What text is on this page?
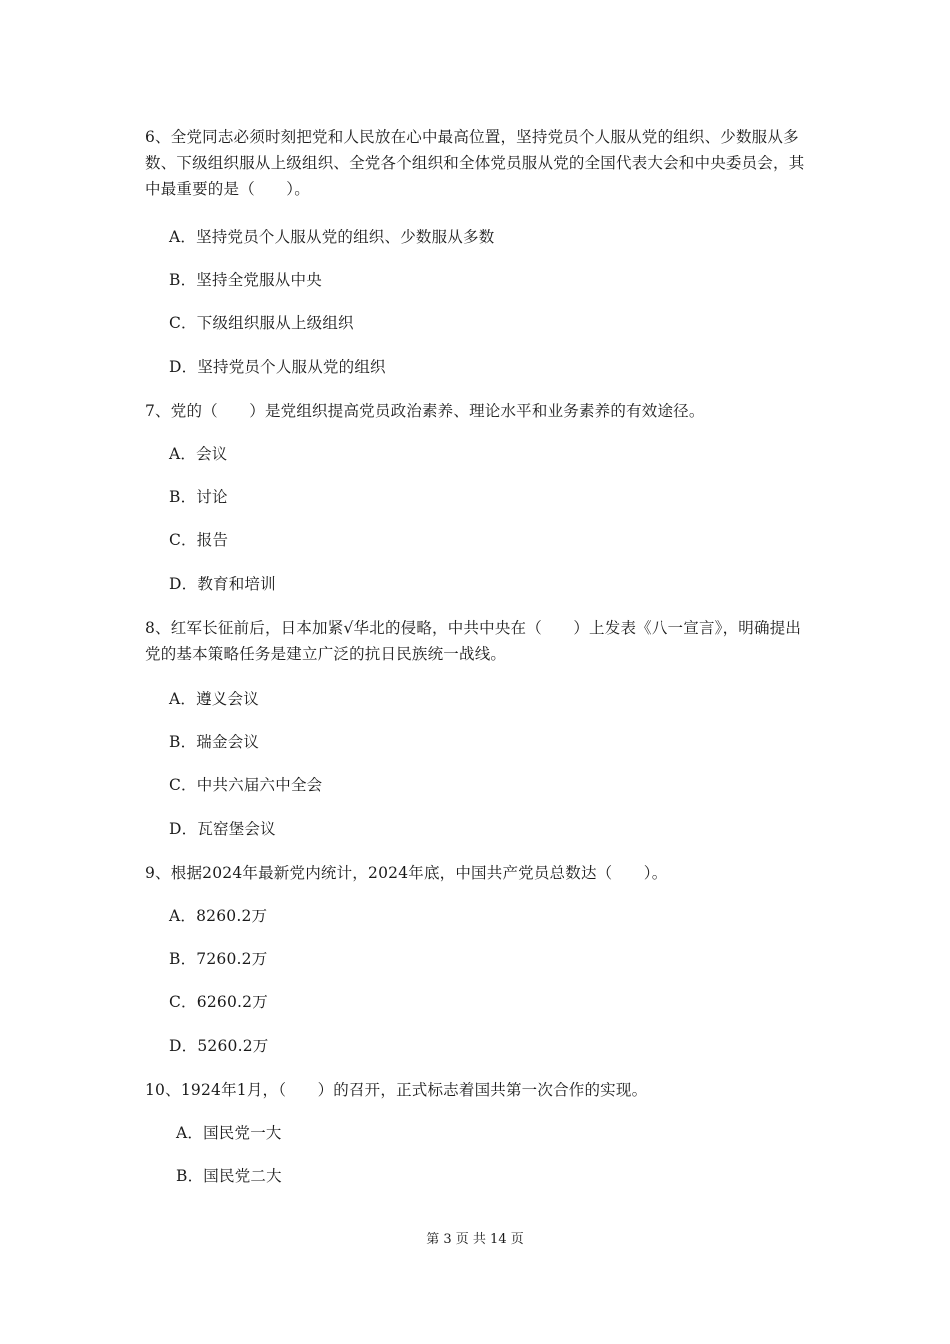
6、全党同志必须时刻把党和人民放在心中最高位置，坚持党员个人服从党的组织、少数服从多数、下级组织服从上级组织、全党各个组织和全体党员服从党的全国代表大会和中央委员会，其中最重要的是（　　）。
A．坚持党员个人服从党的组织、少数服从多数
B．坚持全党服从中央
C．下级组织服从上级组织
D．坚持党员个人服从党的组织
7、党的（　　）是党组织提高党员政治素养、理论水平和业务素养的有效途径。
A．会议
B．讨论
C．报告
D．教育和培训
8、红军长征前后，日本加紧√华北的侵略，中共中央在（　　）上发表《八一宣言》，明确提出党的基本策略任务是建立广泛的抗日民族统一战线。
A．遵义会议
B．瑞金会议
C．中共六届六中全会
D．瓦窑堡会议
9、根据2024年最新党内统计，2024年底，中国共产党员总数达（　　）。
A．8260.2万
B．7260.2万
C．6260.2万
D．5260.2万
10、1924年1月，（　　）的召开，正式标志着国共第一次合作的实现。
A．国民党一大
B．国民党二大
第 3 页 共 14 页
